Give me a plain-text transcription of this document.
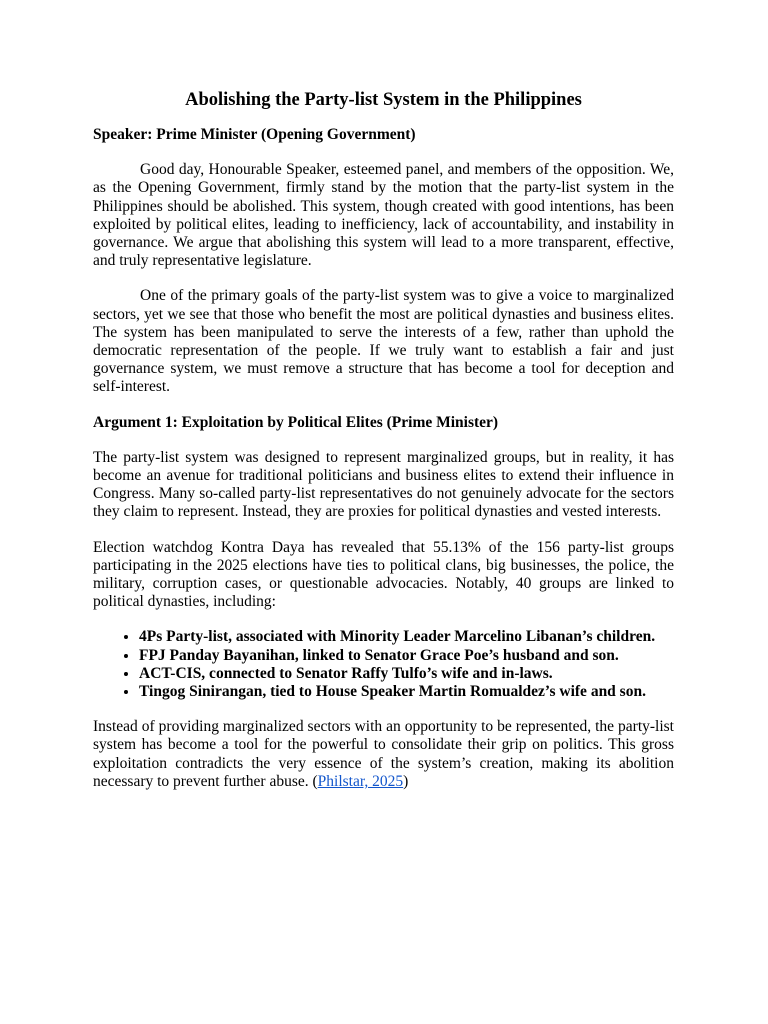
Abolishing the Party-list System in the Philippines
Speaker: Prime Minister (Opening Government)

Good day, Honourable Speaker, esteemed panel, and members of the opposition. We, as the Opening Government, firmly stand by the motion that the party-list system in the Philippines should be abolished. This system, though created with good intentions, has been exploited by political elites, leading to inefficiency, lack of accountability, and instability in governance. We argue that abolishing this system will lead to a more transparent, effective, and truly representative legislature.

One of the primary goals of the party-list system was to give a voice to marginalized sectors, yet we see that those who benefit the most are political dynasties and business elites. The system has been manipulated to serve the interests of a few, rather than uphold the democratic representation of the people. If we truly want to establish a fair and just governance system, we must remove a structure that has become a tool for deception and self-interest.

Argument 1: Exploitation by Political Elites (Prime Minister)

The party-list system was designed to represent marginalized groups, but in reality, it has become an avenue for traditional politicians and business elites to extend their influence in Congress. Many so-called party-list representatives do not genuinely advocate for the sectors they claim to represent. Instead, they are proxies for political dynasties and vested interests.

Election watchdog Kontra Daya has revealed that 55.13% of the 156 party-list groups participating in the 2025 elections have ties to political clans, big businesses, the police, the military, corruption cases, or questionable advocacies. Notably, 40 groups are linked to political dynasties, including:

• 4Ps Party-list, associated with Minority Leader Marcelino Libanan’s children.
• FPJ Panday Bayanihan, linked to Senator Grace Poe’s husband and son.
• ACT-CIS, connected to Senator Raffy Tulfo’s wife and in-laws.
• Tingog Sinirangan, tied to House Speaker Martin Romualdez’s wife and son.

Instead of providing marginalized sectors with an opportunity to be represented, the party-list system has become a tool for the powerful to consolidate their grip on politics. This gross exploitation contradicts the very essence of the system’s creation, making its abolition necessary to prevent further abuse. (Philstar, 2025)
